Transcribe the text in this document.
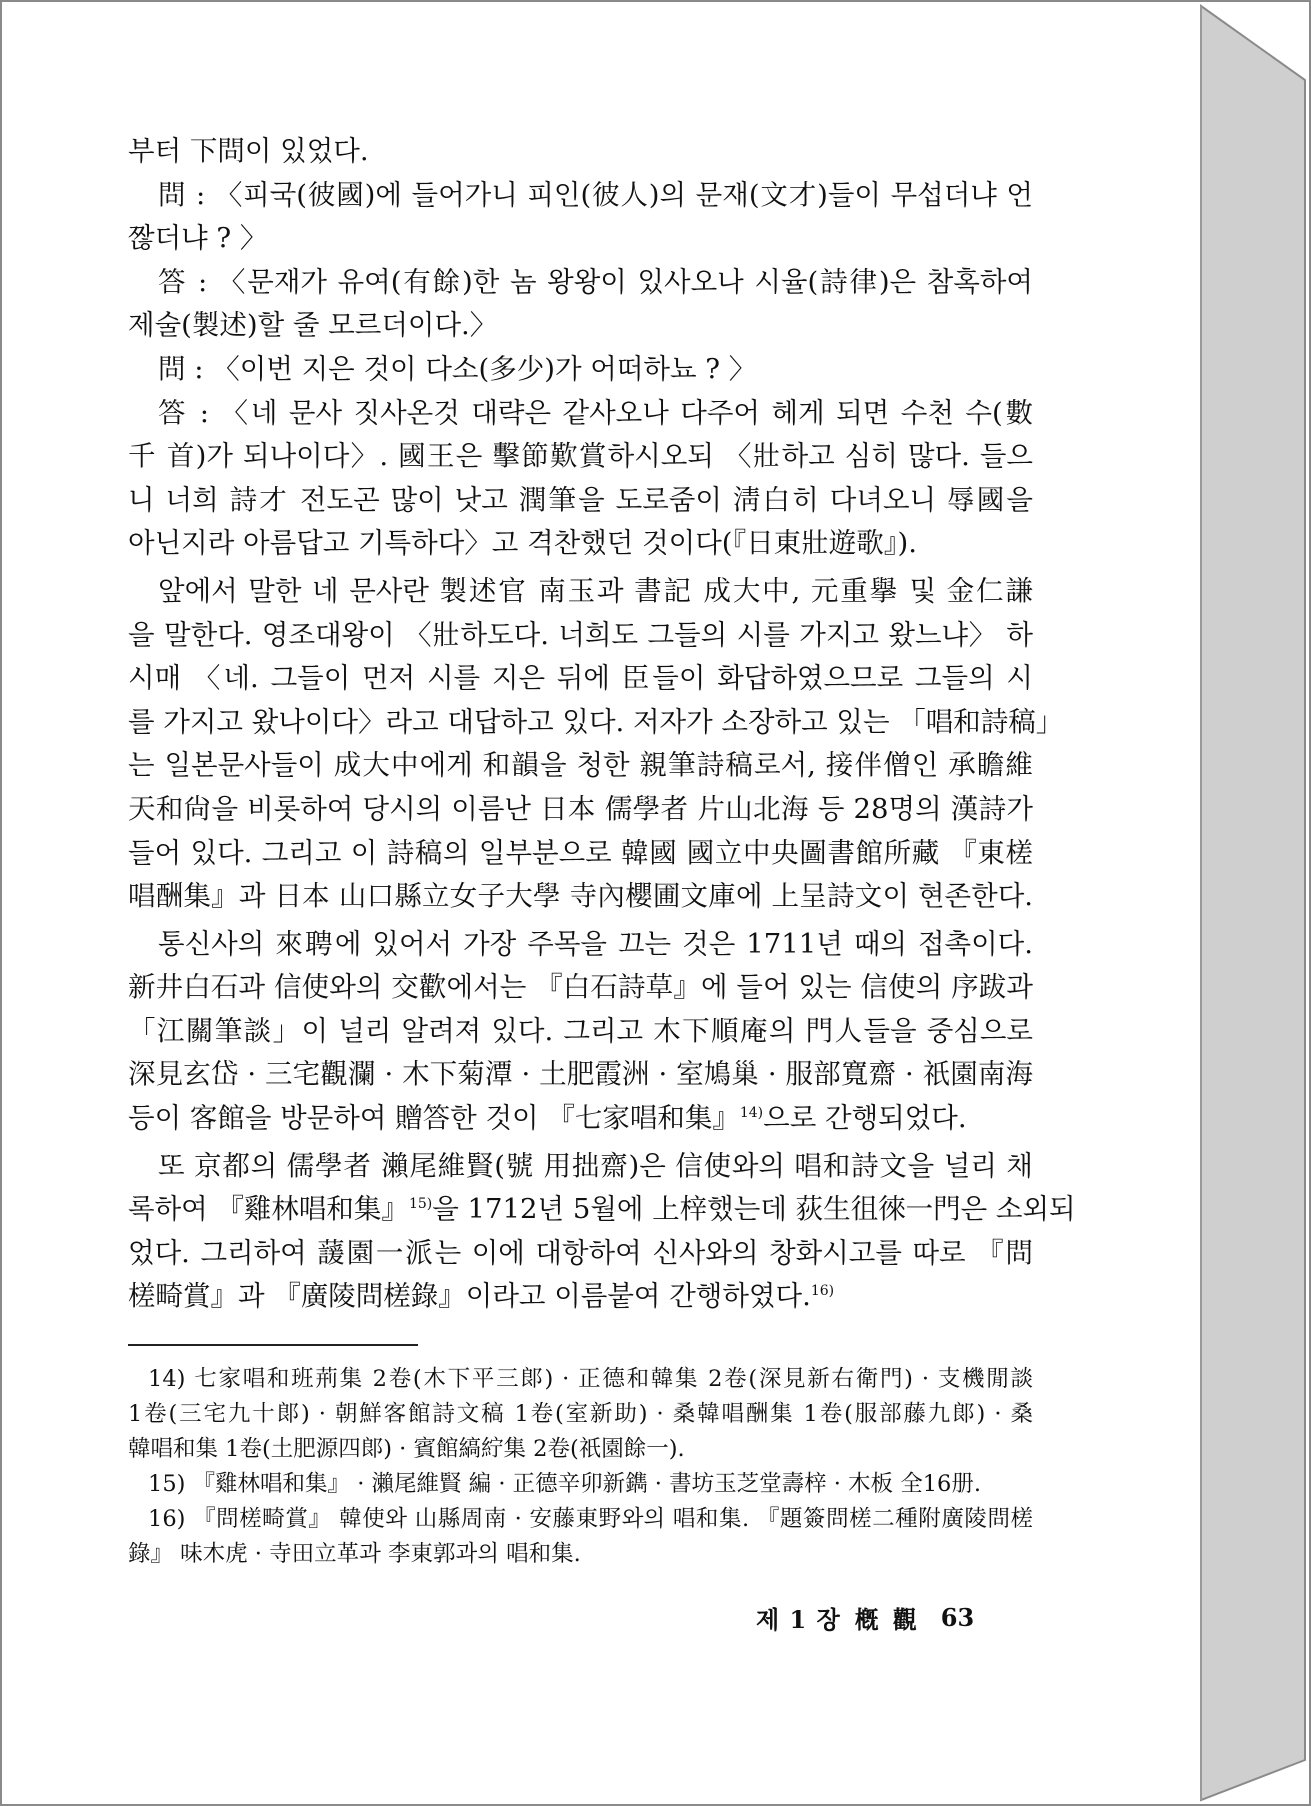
부터 下問이 있었다.
問 : 〈피국(彼國)에 들어가니 피인(彼人)의 문재(文才)들이 무섭더냐 언
짢더냐 ? 〉
答 : 〈문재가 유여(有餘)한 놈 왕왕이 있사오나 시율(詩律)은 참혹하여
제술(製述)할 줄 모르더이다.〉
問 : 〈이번 지은 것이 다소(多少)가 어떠하뇨 ? 〉
答 : 〈네 문사 짓사온것 대략은 같사오나 다주어 헤게 되면 수천 수(數
千 首)가 되나이다〉. 國王은 擊節歎賞하시오되 〈壯하고 심히 많다. 들으
니 너희 詩才 전도곤 많이 낫고 潤筆을 도로줌이 淸白히 다녀오니 辱國을
아닌지라 아름답고 기특하다〉고 격찬했던 것이다(『日東壯遊歌』).
앞에서 말한 네 문사란 製述官 南玉과 書記 成大中, 元重擧 및 金仁謙
을 말한다. 영조대왕이 〈壯하도다. 너희도 그들의 시를 가지고 왔느냐〉 하
시매 〈네. 그들이 먼저 시를 지은 뒤에 臣들이 화답하였으므로 그들의 시
를 가지고 왔나이다〉라고 대답하고 있다. 저자가 소장하고 있는 「唱和詩稿」
는 일본문사들이 成大中에게 和韻을 청한 親筆詩稿로서, 接伴僧인 承瞻維
天和尙을 비롯하여 당시의 이름난 日本 儒學者 片山北海 등 28명의 漢詩가
들어 있다. 그리고 이 詩稿의 일부분으로 韓國 國立中央圖書館所藏 『東槎
唱酬集』과 日本 山口縣立女子大學 寺內櫻圃文庫에 上呈詩文이 현존한다.
통신사의 來聘에 있어서 가장 주목을 끄는 것은 1711년 때의 접촉이다.
新井白石과 信使와의 交歡에서는 『白石詩草』에 들어 있는 信使의 序跋과
「江關筆談」이 널리 알려져 있다. 그리고 木下順庵의 門人들을 중심으로
深見玄岱 · 三宅觀瀾 · 木下菊潭 · 土肥霞洲 · 室鳩巢 · 服部寬齋 · 祇園南海
등이 客館을 방문하여 贈答한 것이 『七家唱和集』$^{14)}$으로 간행되었다.
또 京都의 儒學者 瀨尾維賢(號 用拙齋)은 信使와의 唱和詩文을 널리 채
록하여 『雞林唱和集』$^{15)}$을 1712년 5월에 上梓했는데 荻生徂徠一門은 소외되
었다. 그리하여 蘐園一派는 이에 대항하여 신사와의 창화시고를 따로 『問
槎畸賞』과 『廣陵問槎錄』이라고 이름붙여 간행하였다.$^{16)}$
14) 七家唱和班荊集 2卷(木下平三郞) · 正德和韓集 2卷(深見新右衛門) · 支機閒談
1卷(三宅九十郞) · 朝鮮客館詩文稿 1卷(室新助) · 桑韓唱酬集 1卷(服部藤九郞) · 桑
韓唱和集 1卷(土肥源四郞) · 賓館縞紵集 2卷(祇園餘一).
15) 『雞林唱和集』 · 瀨尾維賢 編 · 正德辛卯新鐫 · 書坊玉芝堂壽梓 · 木板 全16册.
16) 『問槎畸賞』 韓使와 山縣周南 · 安藤東野와의 唱和集. 『題簽問槎二種附廣陵問槎
錄』 味木虎 · 寺田立革과 李東郭과의 唱和集.
제 1 장 槪 觀 63
